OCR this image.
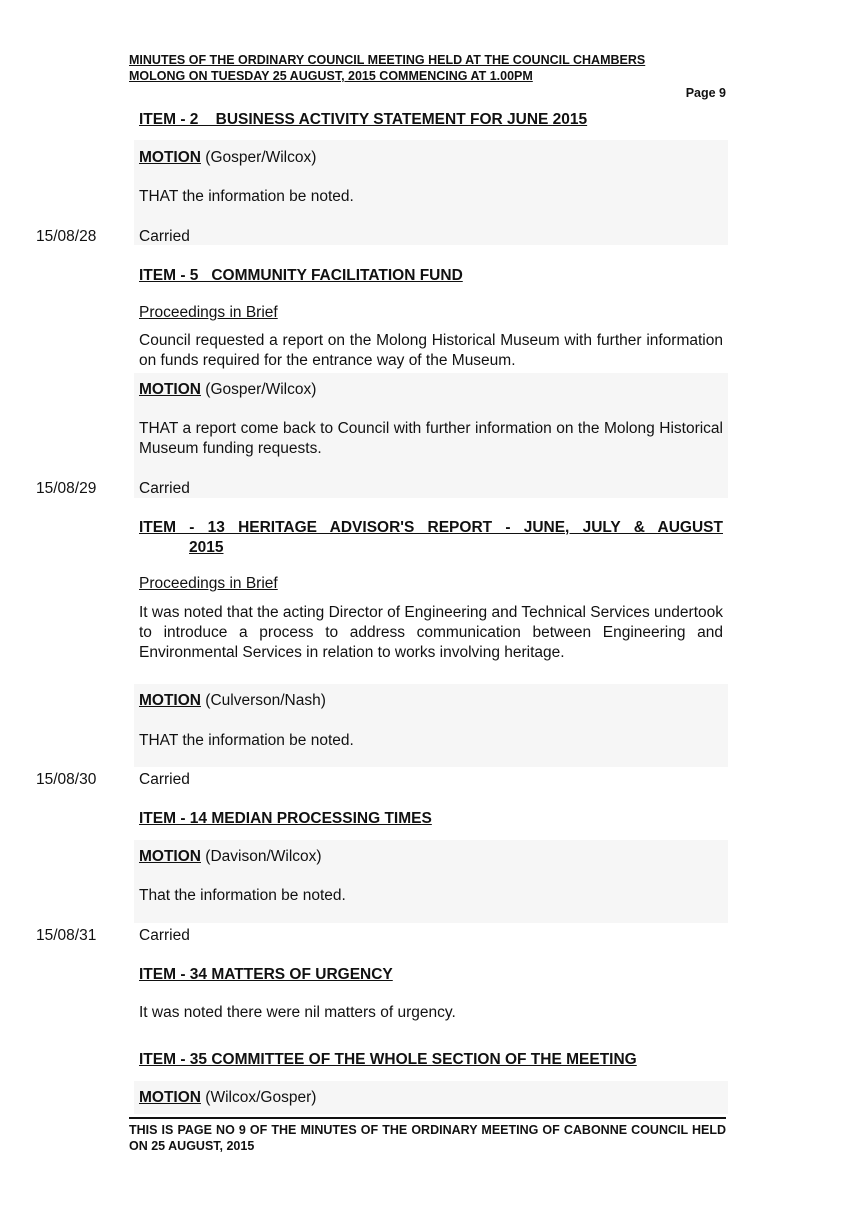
MINUTES OF THE ORDINARY COUNCIL MEETING HELD AT THE COUNCIL CHAMBERS
MOLONG ON TUESDAY 25 AUGUST, 2015 COMMENCING AT 1.00PM
Page 9
ITEM - 2    BUSINESS ACTIVITY STATEMENT FOR JUNE 2015
MOTION (Gosper/Wilcox)
THAT the information be noted.
15/08/28	Carried
ITEM - 5   COMMUNITY FACILITATION FUND
Proceedings in Brief
Council requested a report on the Molong Historical Museum with further information on funds required for the entrance way of the Museum.
MOTION (Gosper/Wilcox)
THAT a report come back to Council with further information on the Molong Historical Museum funding requests.
15/08/29	Carried
ITEM - 13 HERITAGE ADVISOR'S REPORT - JUNE, JULY & AUGUST
2015
Proceedings in Brief
It was noted that the acting Director of Engineering and Technical Services undertook to introduce a process to address communication between Engineering and Environmental Services in relation to works involving heritage.
MOTION (Culverson/Nash)
THAT the information be noted.
15/08/30	Carried
ITEM - 14 MEDIAN PROCESSING TIMES
MOTION (Davison/Wilcox)
That the information be noted.
15/08/31	Carried
ITEM - 34 MATTERS OF URGENCY
It was noted there were nil matters of urgency.
ITEM - 35 COMMITTEE OF THE WHOLE SECTION OF THE MEETING
MOTION (Wilcox/Gosper)
THIS IS PAGE NO 9 OF THE MINUTES OF THE ORDINARY MEETING OF CABONNE COUNCIL HELD ON 25 AUGUST, 2015
